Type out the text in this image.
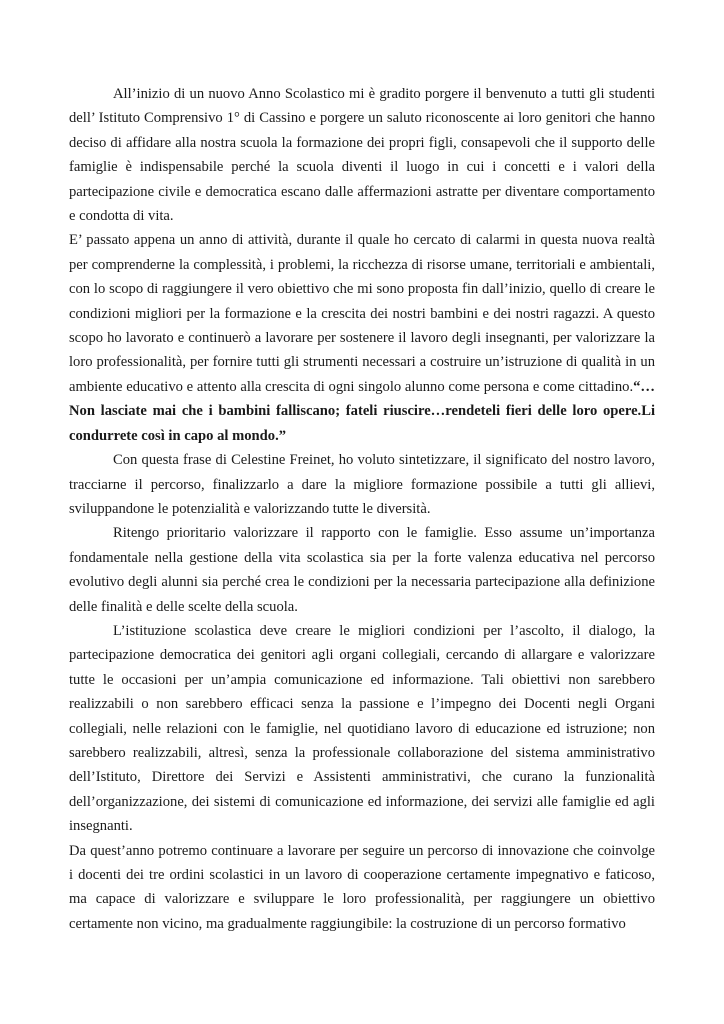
All’inizio di un nuovo Anno Scolastico mi è gradito porgere il benvenuto a tutti gli studenti dell’ Istituto Comprensivo 1° di Cassino e porgere un saluto riconoscente ai loro genitori che hanno deciso di affidare alla nostra scuola la formazione dei propri figli, consapevoli che il supporto delle famiglie è indispensabile perché la scuola diventi il luogo in cui i concetti e i valori della partecipazione civile e democratica escano dalle affermazioni astratte per diventare comportamento e condotta di vita.

E’ passato appena un anno di attività, durante il quale ho cercato di calarmi in questa nuova realtà per comprenderne la complessità, i problemi, la ricchezza di risorse umane, territoriali e ambientali, con lo scopo di raggiungere il vero obiettivo che mi sono proposta fin dall’inizio, quello di creare le condizioni migliori per la formazione e la crescita dei nostri bambini e dei nostri ragazzi. A questo scopo ho lavorato e continuerò a lavorare per sostenere il lavoro degli insegnanti, per valorizzare la loro professionalità, per fornire tutti gli strumenti necessari a costruire un’istruzione di qualità in un ambiente educativo e attento alla crescita di ogni singolo alunno come persona e come cittadino.“… Non lasciate mai che i bambini falliscano; fateli riuscire…rendeteli fieri delle loro opere.Li condurrete così in capo al mondo.”

Con questa frase di Celestine Freinet, ho voluto sintetizzare, il significato del nostro lavoro, tracciarne il percorso, finalizzarlo a dare la migliore formazione possibile a tutti gli allievi, sviluppandone le potenzialità e valorizzando tutte le diversità.

Ritengo prioritario valorizzare il rapporto con le famiglie. Esso assume un’importanza fondamentale nella gestione della vita scolastica sia per la forte valenza educativa nel percorso evolutivo degli alunni sia perché crea le condizioni per la necessaria partecipazione alla definizione delle finalità e delle scelte della scuola.

L’istituzione scolastica deve creare le migliori condizioni per l’ascolto, il dialogo, la partecipazione democratica dei genitori agli organi collegiali, cercando di allargare e valorizzare tutte le occasioni per un’ampia comunicazione ed informazione. Tali obiettivi non sarebbero realizzabili o non sarebbero efficaci senza la passione e l’impegno dei Docenti negli Organi collegiali, nelle relazioni con le famiglie, nel quotidiano lavoro di educazione ed istruzione; non sarebbero realizzabili, altresì, senza la professionale collaborazione del sistema amministrativo dell’Istituto, Direttore dei Servizi e Assistenti amministrativi, che curano la funzionalità dell’organizzazione, dei sistemi di comunicazione ed informazione, dei servizi alle famiglie ed agli insegnanti.

Da quest’anno potremo continuare a lavorare per seguire un percorso di innovazione che coinvolge i docenti dei tre ordini scolastici in un lavoro di cooperazione certamente impegnativo e faticoso, ma capace di valorizzare e sviluppare le loro professionalità, per raggiungere un obiettivo certamente non vicino, ma gradualmente raggiungibile: la costruzione di un percorso formativo
